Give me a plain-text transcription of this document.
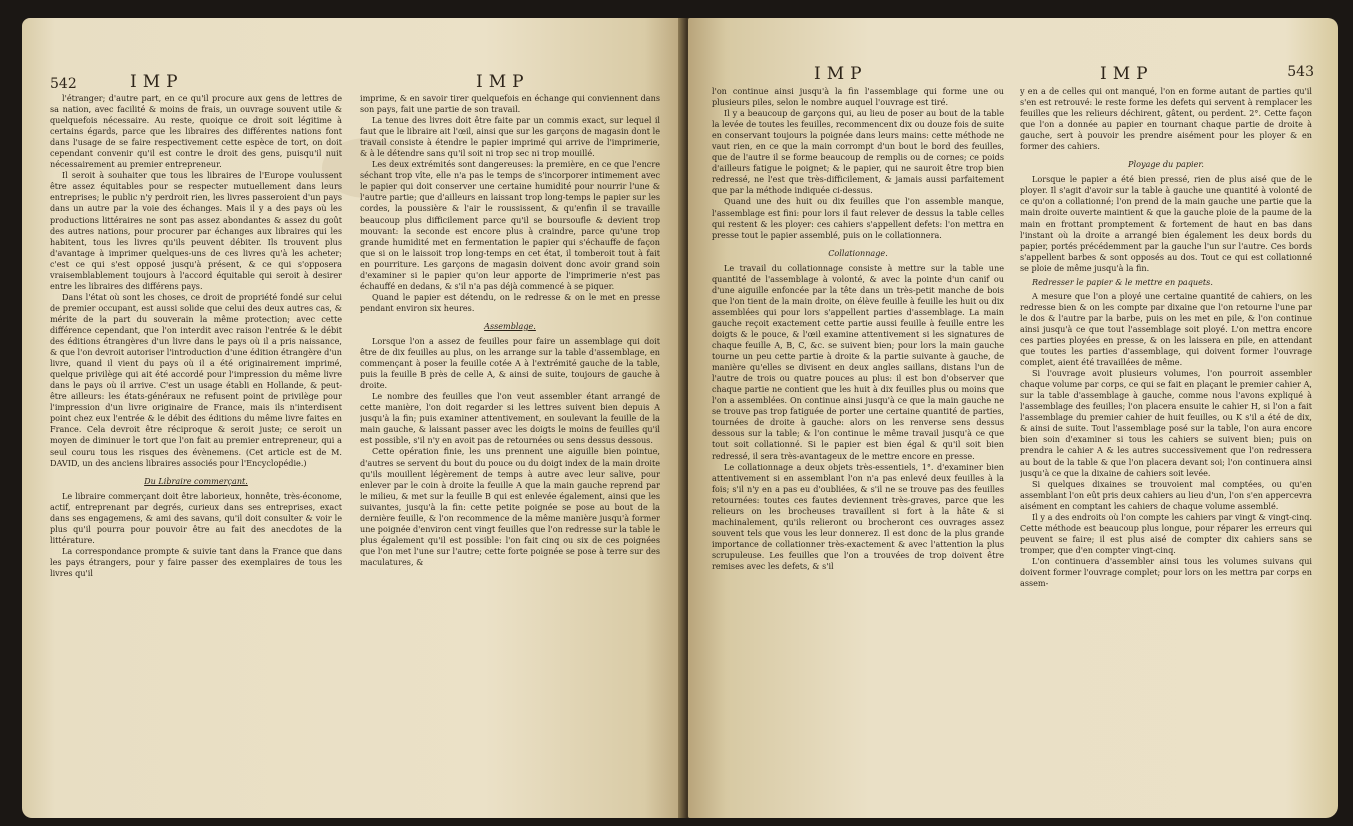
542	IMP	IMP

l'étranger; d'autre part, en ce qu'il procure aux gens de lettres de sa nation, avec facilité & moins de frais, un ouvrage souvent utile & quelquefois nécessaire. Au reste, quoique ce droit soit légitime à certains égards, parce que les libraires des différentes nations font dans l'usage de se faire respectivement cette espèce de tort, on doit cependant convenir qu'il est contre le droit des gens, puisqu'il nuit nécessairement au premier entrepreneur.

Il seroit à souhaiter que tous les libraires de l'Europe voulussent être assez équitables pour se respecter mutuellement dans leurs entreprises; le public n'y perdroit rien, les livres passeroient d'un pays dans un autre par la voie des échanges. Mais il y a des pays où les productions littéraires ne sont pas assez abondantes & assez du goût des autres nations, pour procurer par échanges aux libraires qui les habitent, tous les livres qu'ils peuvent débiter. Ils trouvent plus d'avantage à imprimer quelques-uns de ces livres qu'à les acheter; c'est ce qui s'est opposé jusqu'à présent, & ce qui s'opposera vraisemblablement toujours à l'accord équitable qui seroit à desirer entre les libraires des différens pays.

Dans l'état où sont les choses, ce droit de propriété fondé sur celui de premier occupant, est aussi solide que celui des deux autres cas, & mérite de la part du souverain la même protection; avec cette différence cependant, que l'on interdit avec raison l'entrée & le débit des éditions étrangères d'un livre dans le pays où il a pris naissance, & que l'on devroit autoriser l'introduction d'une édition étrangère d'un livre, quand il vient du pays où il a été originairement imprimé, quelque privilège qui ait été accordé pour l'impression du même livre dans le pays où il arrive. C'est un usage établi en Hollande, & peut-être ailleurs: les états-généraux ne refusent point de privilège pour l'impression d'un livre originaire de France, mais ils n'interdisent point chez eux l'entrée & le débit des éditions du même livre faites en France. Cela devroit être réciproque & seroit juste; ce seroit un moyen de diminuer le tort que l'on fait au premier entrepreneur, qui a seul couru tous les risques des évènemens. (Cet article est de M. DAVID, un des anciens libraires associés pour l'Encyclopédie.)

Du Libraire commerçant.

Le libraire commerçant doit être laborieux, honnête, très-économe, actif, entreprenant par degrés, curieux dans ses entreprises, exact dans ses engagemens, & ami des savans, qu'il doit consulter & voir le plus qu'il pourra pour pouvoir être au fait des anecdotes de la littérature.

La correspondance prompte & suivie tant dans la France que dans les pays étrangers, pour y faire passer des exemplaires de tous les livres qu'il

imprime, & en savoir tirer quelquefois en échange qui conviennent dans son pays, fait une partie de son travail.

La tenue des livres doit être faite par un commis exact, sur lequel il faut que le libraire ait l'œil, ainsi que sur les garçons de magasin dont le travail consiste à étendre le papier imprimé qui arrive de l'imprimerie, & à le détendre sans qu'il soit ni trop sec ni trop mouillé.

Les deux extrémités sont dangereuses: la première, en ce que l'encre séchant trop vîte, elle n'a pas le temps de s'incorporer intimement avec le papier qui doit conserver une certaine humidité pour nourrir l'une & l'autre partie; que d'ailleurs en laissant trop long-temps le papier sur les cordes, la poussière & l'air le roussissent, & qu'enfin il se travaille beaucoup plus difficilement parce qu'il se boursoufle & devient trop mouvant: la seconde est encore plus à craindre, parce qu'une trop grande humidité met en fermentation le papier qui s'échauffe de façon que si on le laissoit trop long-temps en cet état, il tomberoit tout à fait en pourriture. Les garçons de magasin doivent donc avoir grand soin d'examiner si le papier qu'on leur apporte de l'imprimerie n'est pas échauffé en dedans, & s'il n'a pas déjà commencé à se piquer.

Quand le papier est détendu, on le redresse & on le met en presse pendant environ six heures.

Assemblage.

Lorsque l'on a assez de feuilles pour faire un assemblage qui doit être de dix feuilles au plus, on les arrange sur la table d'assemblage, en commençant à poser la feuille cotée A à l'extrémité gauche de la table, puis la feuille B près de celle A, & ainsi de suite, toujours de gauche à droite.

Le nombre des feuilles que l'on veut assembler étant arrangé de cette manière, l'on doit regarder si les lettres suivent bien depuis A jusqu'à la fin; puis examiner attentivement, en soulevant la feuille de la main gauche, & laissant passer avec les doigts le moins de feuilles qu'il est possible, s'il n'y en avoit pas de retournées ou sens dessus dessous.

Cette opération finie, les uns prennent une aiguille bien pointue, d'autres se servent du bout du pouce ou du doigt index de la main droite qu'ils mouillent légèrement de temps à autre avec leur salive, pour enlever par le coin à droite la feuille A que la main gauche reprend par le milieu, & met sur la feuille B qui est enlevée également, ainsi que les suivantes, jusqu'à la fin: cette petite poignée se pose au bout de la dernière feuille, & l'on recommence de la même manière jusqu'à former une poignée d'environ cent vingt feuilles que l'on redresse sur la table le plus également qu'il est possible: l'on fait cinq ou six de ces poignées que l'on met l'une sur l'autre; cette forte poignée se pose à terre sur des maculatures, &

IMP	IMP	543

l'on continue ainsi jusqu'à la fin l'assemblage qui forme une ou plusieurs piles, selon le nombre auquel l'ouvrage est tiré.

Il y a beaucoup de garçons qui, au lieu de poser au bout de la table la levée de toutes les feuilles, recommencent dix ou douze fois de suite en conservant toujours la poignée dans leurs mains: cette méthode ne vaut rien, en ce que la main corrompt d'un bout le bord des feuilles, que de l'autre il se forme beaucoup de remplis ou de cornes; ce poids d'ailleurs fatigue le poignet; & le papier, qui ne sauroit être trop bien redressé, ne l'est que très-difficilement, & jamais aussi parfaitement que par la méthode indiquée ci-dessus.

Quand une des huit ou dix feuilles que l'on assemble manque, l'assemblage est fini: pour lors il faut relever de dessus la table celles qui restent & les ployer: ces cahiers s'appellent defets: l'on mettra en presse tout le papier assemblé, puis on le collationnera.

Collationnage.

Le travail du collationnage consiste à mettre sur la table une quantité de l'assemblage à volonté, & avec la pointe d'un canif ou d'une aiguille enfoncée par la tête dans un très-petit manche de bois que l'on tient de la main droite, on élève feuille à feuille les huit ou dix assemblées qui pour lors s'appellent parties d'assemblage. La main gauche reçoit exactement cette partie aussi feuille à feuille entre les doigts & le pouce, & l'œil examine attentivement si les signatures de chaque feuille A, B, C, &c. se suivent bien; pour lors la main gauche tourne un peu cette partie à droite & la partie suivante à gauche, de manière qu'elles se divisent en deux angles saillans, distans l'un de l'autre de trois ou quatre pouces au plus: il est bon d'observer que chaque partie ne contient que les huit à dix feuilles plus ou moins que l'on a assemblées. On continue ainsi jusqu'à ce que la main gauche ne se trouve pas trop fatiguée de porter une certaine quantité de parties, tournées de droite à gauche: alors on les renverse sens dessus dessous sur la table; & l'on continue le même travail jusqu'à ce que tout soit collationné. Si le papier est bien égal & qu'il soit bien redressé, il sera très-avantageux de le mettre encore en presse.

Le collationnage a deux objets très-essentiels, 1°. d'examiner bien attentivement si en assemblant l'on n'a pas enlevé deux feuilles à la fois; s'il n'y en a pas eu d'oubliées, & s'il ne se trouve pas des feuilles retournées: toutes ces fautes deviennent très-graves, parce que les relieurs on les brocheuses travaillent si fort à la hâte & si machinalement, qu'ils relieront ou brocheront ces ouvrages assez souvent tels que vous les leur donnerez. Il est donc de la plus grande importance de collationner très-exactement & avec l'attention la plus scrupuleuse. Les feuilles que l'on a trouvées de trop doivent être remises avec les defets, & s'il

y en a de celles qui ont manqué, l'on en forme autant de parties qu'il s'en est retrouvé: le reste forme les defets qui servent à remplacer les feuilles que les relieurs déchirent, gâtent, ou perdent. 2°. Cette façon que l'on a donnée au papier en tournant chaque partie de droite à gauche, sert à pouvoir les prendre aisément pour les ployer & en former des cahiers.

Ployage du papier.

Lorsque le papier a été bien pressé, rien de plus aisé que de le ployer. Il s'agit d'avoir sur la table à gauche une quantité à volonté de ce qu'on a collationné; l'on prend de la main gauche une partie que la main droite ouverte maintient & que la gauche ploie de la paume de la main en frottant promptement & fortement de haut en bas dans l'instant où la droite a arrangé bien également les deux bords du papier, portés précédemment par la gauche l'un sur l'autre. Ces bords s'appellent barbes & sont opposés au dos. Tout ce qui est collationné se ploie de même jusqu'à la fin.

Redresser le papier & le mettre en paquets.

A mesure que l'on a ployé une certaine quantité de cahiers, on les redresse bien & on les compte par dixaine que l'on retourne l'une par le dos & l'autre par la barbe, puis on les met en pile, & l'on continue ainsi jusqu'à ce que tout l'assemblage soit ployé. L'on mettra encore ces parties ployées en presse, & on les laissera en pile, en attendant que toutes les parties d'assemblage, qui doivent former l'ouvrage complet, aient été travaillées de même.

Si l'ouvrage avoit plusieurs volumes, l'on pourroit assembler chaque volume par corps, ce qui se fait en plaçant le premier cahier A, sur la table d'assemblage à gauche, comme nous l'avons expliqué à l'assemblage des feuilles; l'on placera ensuite le cahier H, si l'on a fait l'assemblage du premier cahier de huit feuilles, ou K s'il a été de dix, & ainsi de suite. Tout l'assemblage posé sur la table, l'on aura encore bien soin d'examiner si tous les cahiers se suivent bien; puis on prendra le cahier A & les autres successivement que l'on redressera au bout de la table & que l'on placera devant soi; l'on continuera ainsi jusqu'à ce que la dixaine de cahiers soit levée.

Si quelques dixaines se trouvoient mal comptées, ou qu'en assemblant l'on eût pris deux cahiers au lieu d'un, l'on s'en appercevra aisément en comptant les cahiers de chaque volume assemblé.

Il y a des endroits où l'on compte les cahiers par vingt & vingt-cinq. Cette méthode est beaucoup plus longue, pour réparer les erreurs qui peuvent se faire; il est plus aisé de compter dix cahiers sans se tromper, que d'en compter vingt-cinq.

L'on continuera d'assembler ainsi tous les volumes suivans qui doivent former l'ouvrage complet; pour lors on les mettra par corps en assem-
